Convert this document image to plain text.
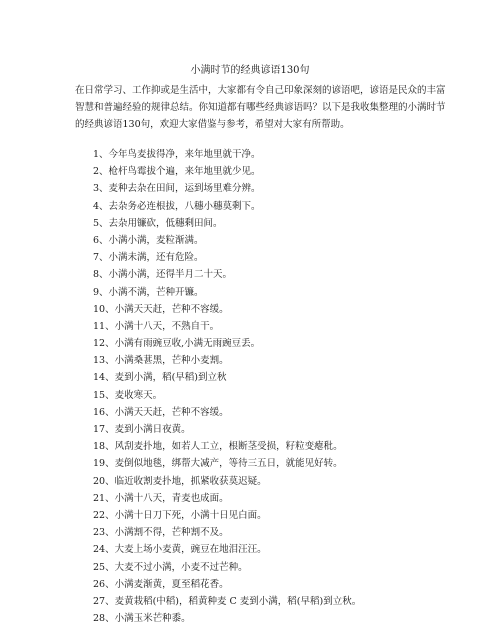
小满时节的经典谚语130句
在日常学习、工作抑或是生活中，大家都有令自己印象深刻的谚语吧，谚语是民众的丰富
智慧和普遍经验的规律总结。你知道都有哪些经典谚语吗？以下是我收集整理的小满时节
的经典谚语130句，欢迎大家借鉴与参考，希望对大家有所帮助。
1、今年鸟麦拔得净，来年地里就干净。
2、枪杆鸟霉拔个遍，来年地里就少见。
3、麦种去杂在田间，运到场里难分辨。
4、去杂务必连根拔，八穗小穗莫剩下。
5、去杂用镰砍，低穗剩田间。
6、小满小满，麦粒渐满。
7、小满未满，还有危险。
8、小满小满，还得半月二十天。
9、小满不满，芒种开镰。
10、小满天天赶，芒种不容缓。
11、小满十八天，不熟自干。
12、小满有雨豌豆收,小满无雨豌豆丢。
13、小满桑葚黑，芒种小麦割。
14、麦到小满，稻(早稻)到立秋
15、麦收寒天。
16、小满天天赶，芒种不容缓。
17、麦到小满日夜黄。
18、风刮麦扑地，如若人工立，根断茎受损，籽粒变瘪秕。
19、麦倒似地毯，绑帮大减产，等待三五日，就能见好转。
20、临近收割麦扑地，抓紧收获莫迟疑。
21、小满十八天，青麦也成面。
22、小满十日刀下死，小满十日见白面。
23、小满割不得，芒种割不及。
24、大麦上场小麦黄，豌豆在地泪汪汪。
25、大麦不过小满，小麦不过芒种。
26、小满麦渐黄，夏至稻花香。
27、麦黄栽稻(中稻)，稻黄种麦 C 麦到小满，稻(早稻)到立秋。
28、小满玉米芒种黍。
